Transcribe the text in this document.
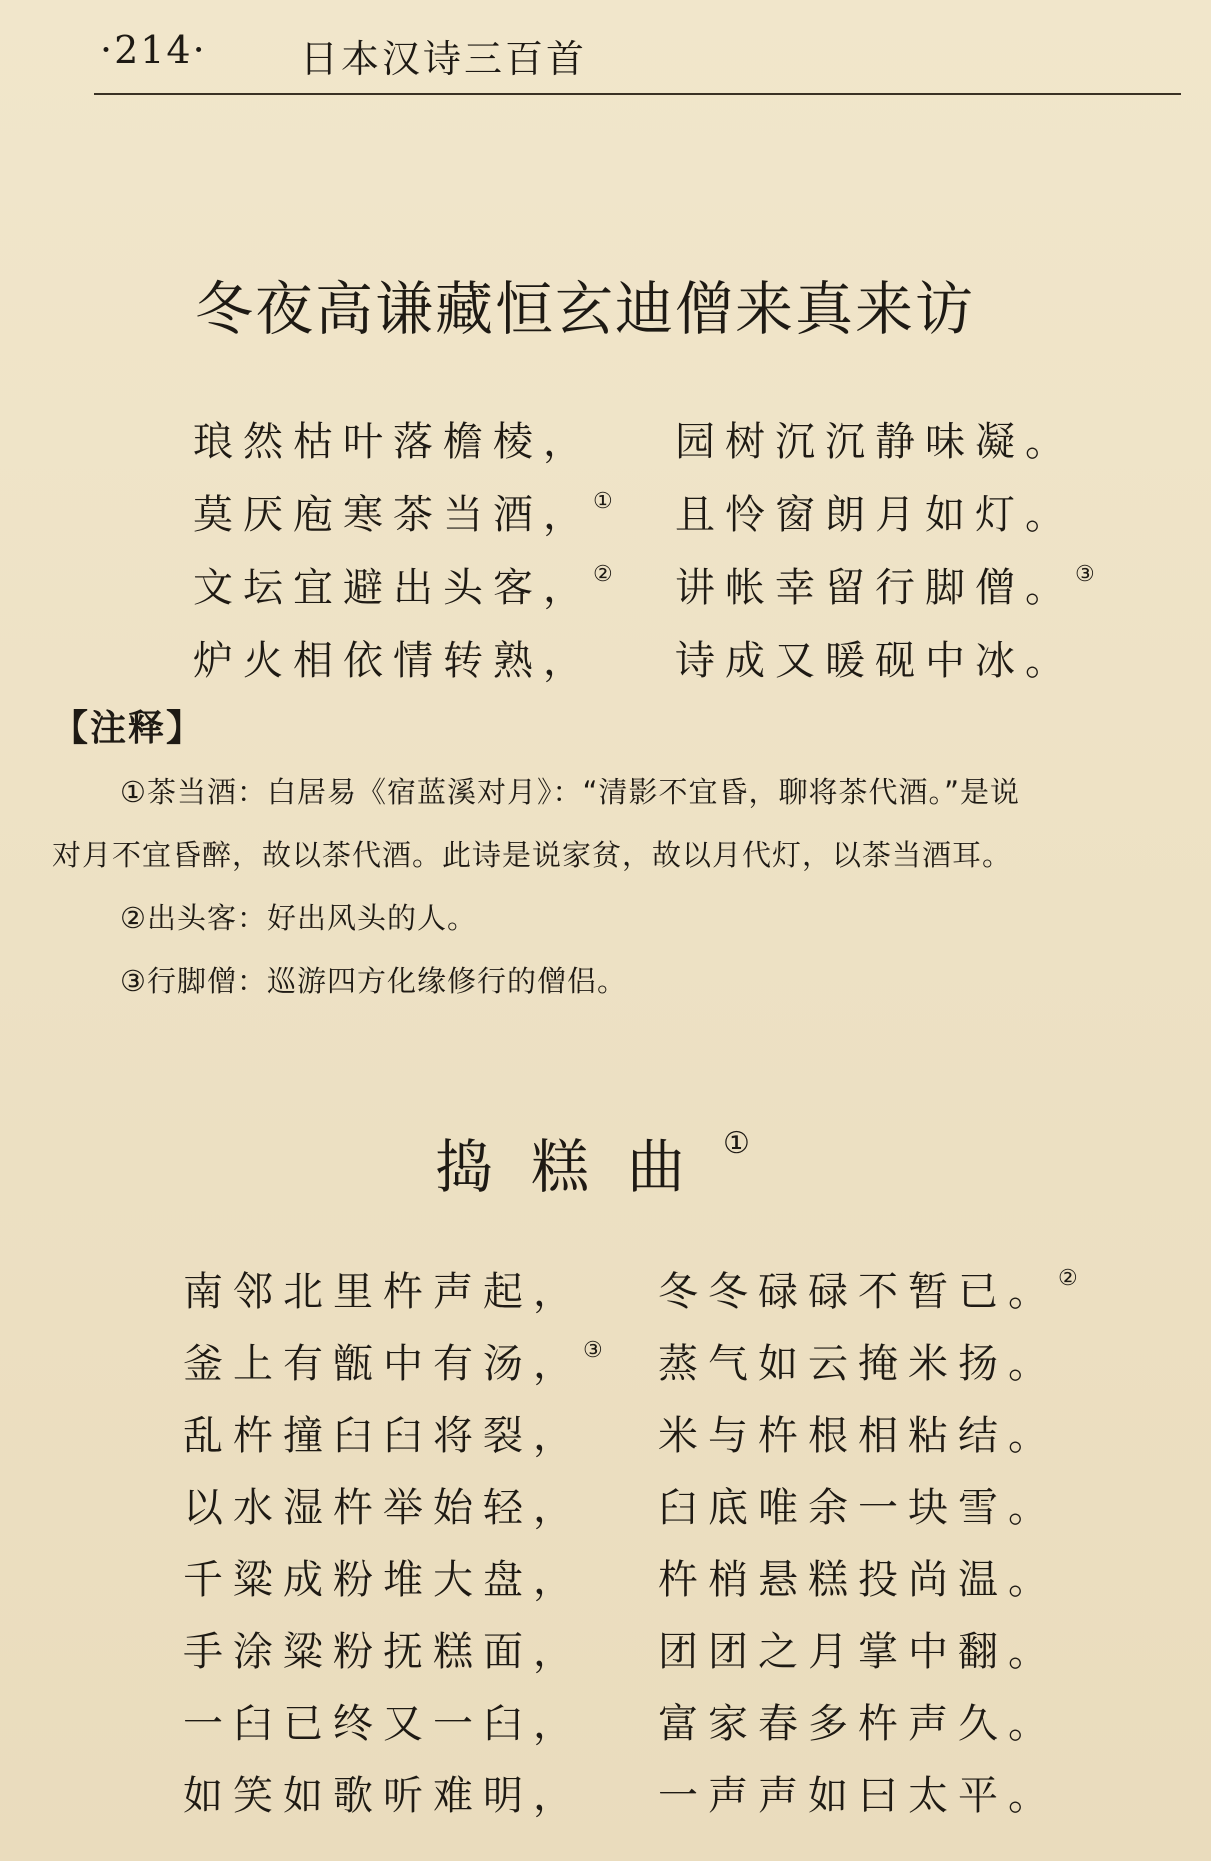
·214· 日本汉诗三百首
冬夜高谦藏恒玄迪僧来真来访
琅然枯叶落檐棱， 园树沉沉静味凝。
莫厌庖寒茶当酒，① 且怜窗朗月如灯。
文坛宜避出头客，② 讲帐幸留行脚僧。③
炉火相依情转熟， 诗成又暖砚中冰。
【注释】
①茶当酒：白居易《宿蓝溪对月》：“清影不宜昏，聊将茶代酒。”是说
对月不宜昏醉，故以茶代酒。此诗是说家贫，故以月代灯，以茶当酒耳。
②出头客：好出风头的人。
③行脚僧：巡游四方化缘修行的僧侣。
捣糕曲①
南邻北里杵声起， 冬冬碌碌不暂已。②
釜上有甑中有汤，③ 蒸气如云掩米扬。
乱杵撞臼臼将裂， 米与杵根相粘结。
以水湿杵举始轻， 臼底唯余一块雪。
千粱成粉堆大盘， 杵梢悬糕投尚温。
手涂粱粉抚糕面， 团团之月掌中翻。
一臼已终又一臼， 富家春多杵声久。
如笑如歌听难明， 一声声如曰太平。
